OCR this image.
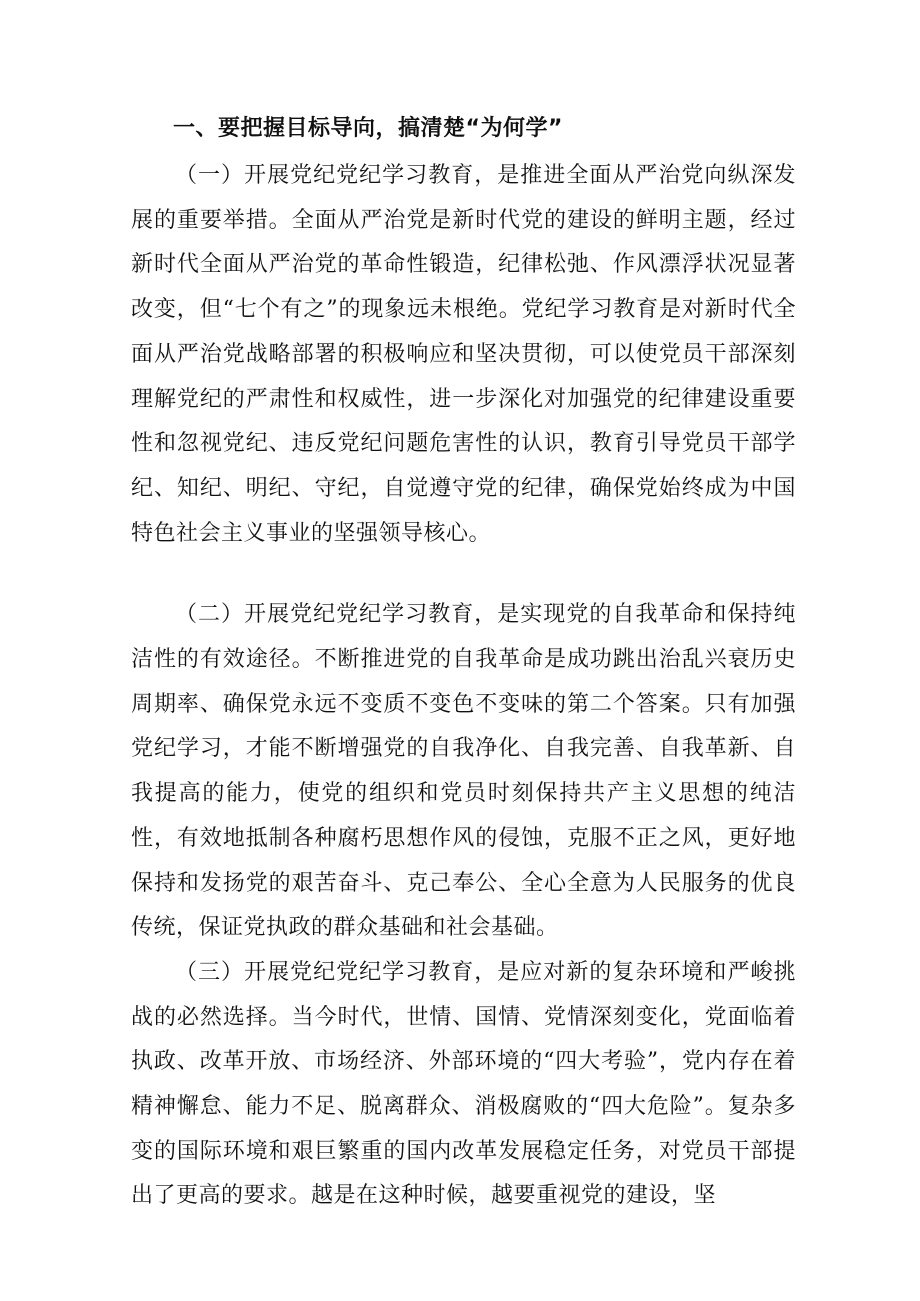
一、要把握目标导向，搞清楚“为何学”

（一）开展党纪党纪学习教育，是推进全面从严治党向纵深发展的重要举措。全面从严治党是新时代党的建设的鲜明主题，经过新时代全面从严治党的革命性锻造，纪律松弛、作风漂浮状况显著改变，但“七个有之”的现象远未根绝。党纪学习教育是对新时代全面从严治党战略部署的积极响应和坚决贯彻，可以使党员干部深刻理解党纪的严肃性和权威性，进一步深化对加强党的纪律建设重要性和忽视党纪、违反党纪问题危害性的认识，教育引导党员干部学纪、知纪、明纪、守纪，自觉遵守党的纪律，确保党始终成为中国特色社会主义事业的坚强领导核心。

（二）开展党纪党纪学习教育，是实现党的自我革命和保持纯洁性的有效途径。不断推进党的自我革命是成功跳出治乱兴衰历史周期率、确保党永远不变质不变色不变味的第二个答案。只有加强党纪学习，才能不断增强党的自我净化、自我完善、自我革新、自我提高的能力，使党的组织和党员时刻保持共产主义思想的纯洁性，有效地抵制各种腐朽思想作风的侵蚀，克服不正之风，更好地保持和发扬党的艰苦奋斗、克己奉公、全心全意为人民服务的优良传统，保证党执政的群众基础和社会基础。

（三）开展党纪党纪学习教育，是应对新的复杂环境和严峻挑战的必然选择。当今时代，世情、国情、党情深刻变化，党面临着执政、改革开放、市场经济、外部环境的“四大考验”，党内存在着精神懈怠、能力不足、脱离群众、消极腐败的“四大危险”。复杂多变的国际环境和艰巨繁重的国内改革发展稳定任务，对党员干部提出了更高的要求。越是在这种时候，越要重视党的建设，坚
